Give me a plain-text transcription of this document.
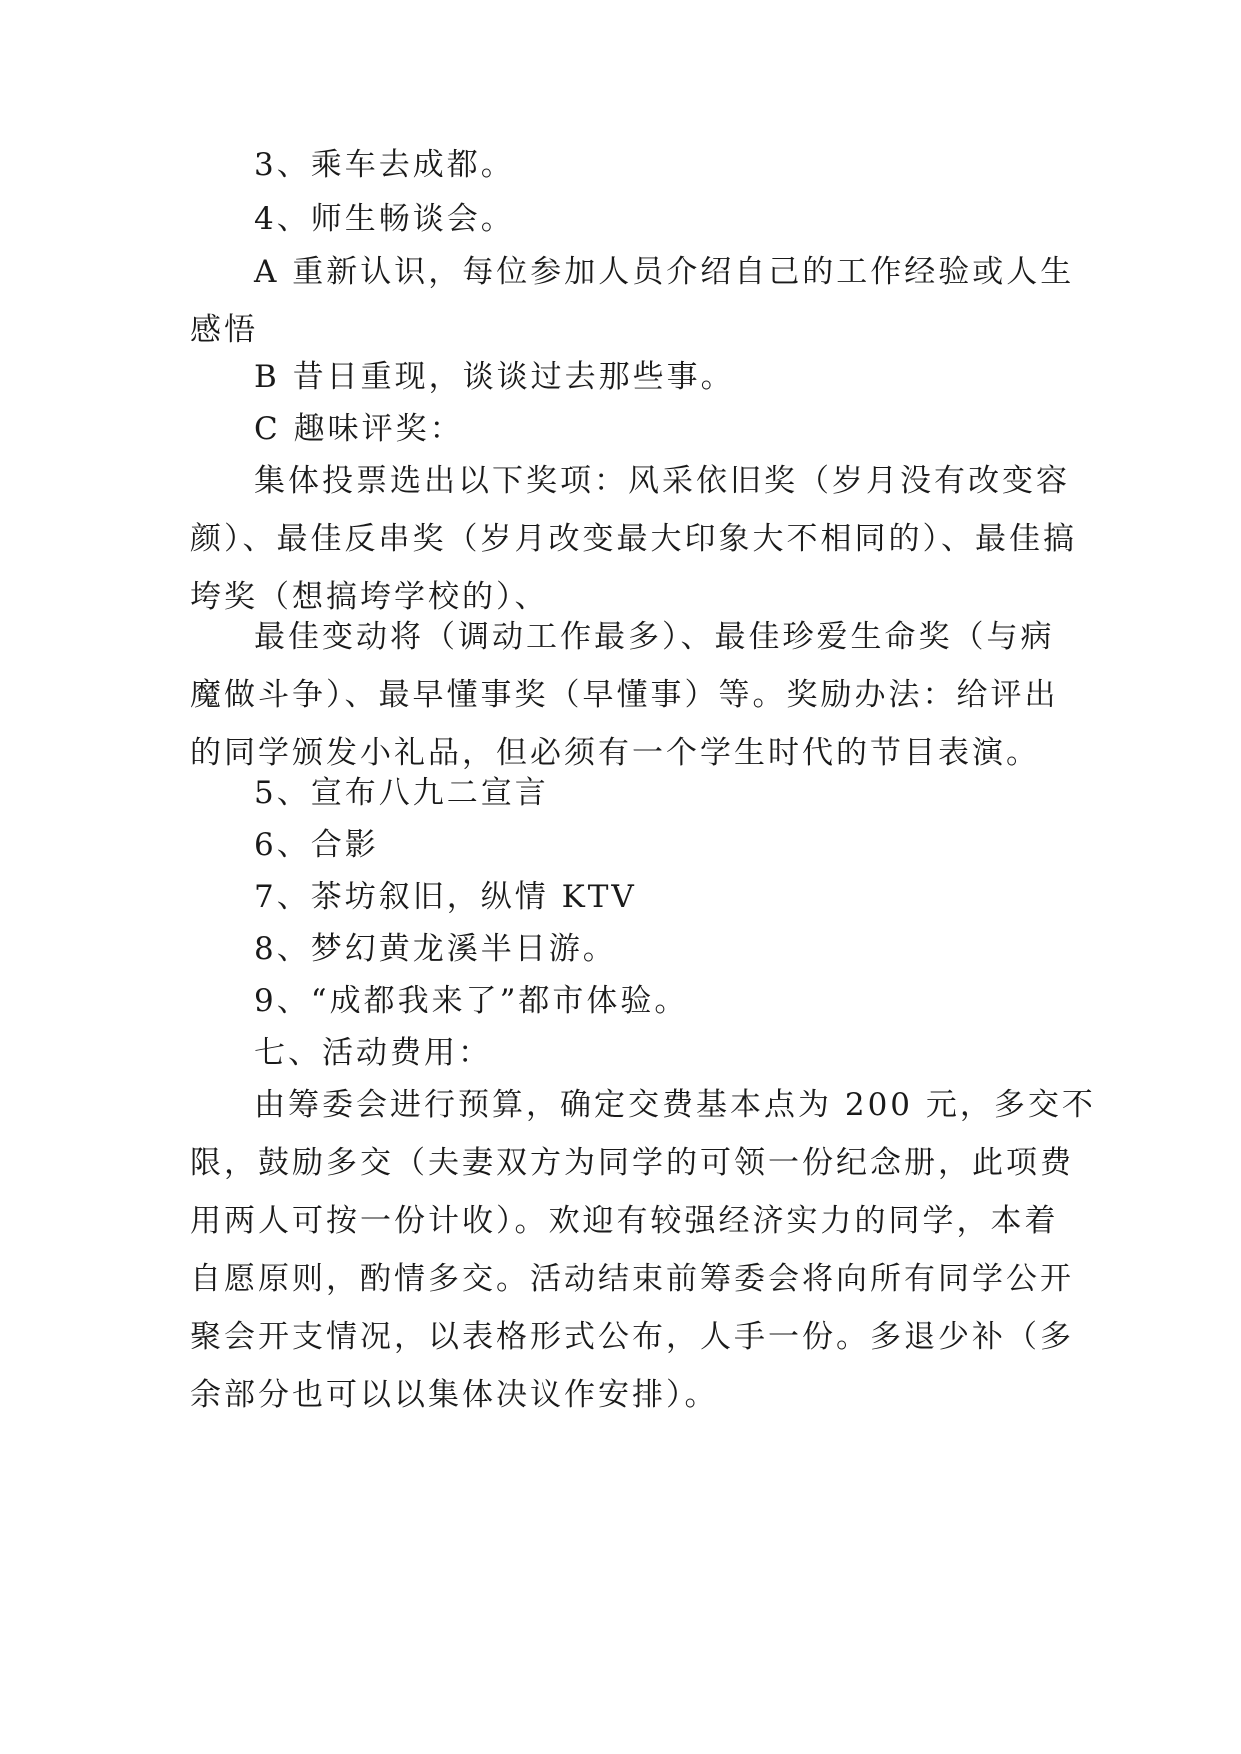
3、乘车去成都。
4、师生畅谈会。
A 重新认识，每位参加人员介绍自己的工作经验或人生
感悟
B 昔日重现，谈谈过去那些事。
C 趣味评奖：
集体投票选出以下奖项：风采依旧奖（岁月没有改变容
颜）、最佳反串奖（岁月改变最大印象大不相同的）、最佳搞
垮奖（想搞垮学校的）、
最佳变动将（调动工作最多）、最佳珍爱生命奖（与病
魔做斗争）、最早懂事奖（早懂事）等。奖励办法：给评出
的同学颁发小礼品，但必须有一个学生时代的节目表演。
5、宣布八九二宣言
6、合影
7、茶坊叙旧，纵情 KTV
8、梦幻黄龙溪半日游。
9、“成都我来了”都市体验。
七、活动费用：
由筹委会进行预算，确定交费基本点为 200 元，多交不
限，鼓励多交（夫妻双方为同学的可领一份纪念册，此项费
用两人可按一份计收）。欢迎有较强经济实力的同学，本着
自愿原则，酌情多交。活动结束前筹委会将向所有同学公开
聚会开支情况，以表格形式公布，人手一份。多退少补（多
余部分也可以以集体决议作安排）。
